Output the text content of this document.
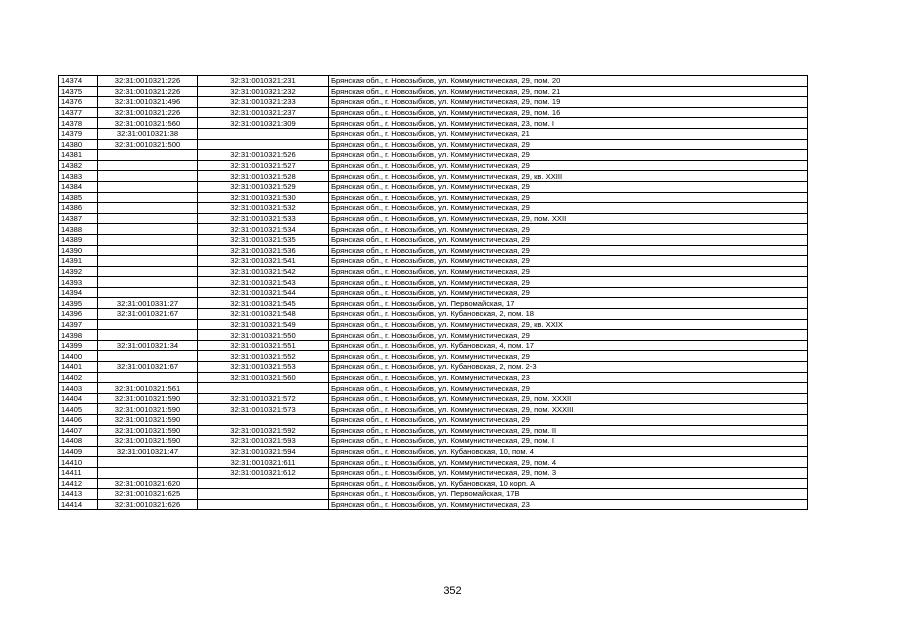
14374	32:31:0010321:226	32:31:0010321:231	Брянская обл., г. Новозыбков, ул. Коммунистическая, 29, пом. 20
14375	32:31:0010321:226	32:31:0010321:232	Брянская обл., г. Новозыбков, ул. Коммунистическая, 29, пом. 21
14376	32:31:0010321:496	32:31:0010321:233	Брянская обл., г. Новозыбков, ул. Коммунистическая, 29, пом. 19
14377	32:31:0010321:226	32:31:0010321:237	Брянская обл., г. Новозыбков, ул. Коммунистическая, 29, пом. 16
14378	32:31:0010321:560	32:31:0010321:309	Брянская обл., г. Новозыбков, ул. Коммунистическая, 23, пом. I
14379	32:31:0010321:38		Брянская обл., г. Новозыбков, ул. Коммунистическая, 21
14380	32:31:0010321:500		Брянская обл., г. Новозыбков, ул. Коммунистическая, 29
14381		32:31:0010321:526	Брянская обл., г. Новозыбков, ул. Коммунистическая, 29
14382		32:31:0010321:527	Брянская обл., г. Новозыбков, ул. Коммунистическая, 29
14383		32:31:0010321:528	Брянская обл., г. Новозыбков, ул. Коммунистическая, 29, кв. XXIII
14384		32:31:0010321:529	Брянская обл., г. Новозыбков, ул. Коммунистическая, 29
14385		32:31:0010321:530	Брянская обл., г. Новозыбков, ул. Коммунистическая, 29
14386		32:31:0010321:532	Брянская обл., г. Новозыбков, ул. Коммунистическая, 29
14387		32:31:0010321:533	Брянская обл., г. Новозыбков, ул. Коммунистическая, 29, пом. XXII
14388		32:31:0010321:534	Брянская обл., г. Новозыбков, ул. Коммунистическая, 29
14389		32:31:0010321:535	Брянская обл., г. Новозыбков, ул. Коммунистическая, 29
14390		32:31:0010321:536	Брянская обл., г. Новозыбков, ул. Коммунистическая, 29
14391		32:31:0010321:541	Брянская обл., г. Новозыбков, ул. Коммунистическая, 29
14392		32:31:0010321:542	Брянская обл., г. Новозыбков, ул. Коммунистическая, 29
14393		32:31:0010321:543	Брянская обл., г. Новозыбков, ул. Коммунистическая, 29
14394		32:31:0010321:544	Брянская обл., г. Новозыбков, ул. Коммунистическая, 29
14395	32:31:0010331:27	32:31:0010321:545	Брянская обл., г. Новозыбков, ул. Первомайская, 17
14396	32:31:0010321:67	32:31:0010321:548	Брянская обл., г. Новозыбков, ул. Кубановская, 2, пом. 18
14397		32:31:0010321:549	Брянская обл., г. Новозыбков, ул. Коммунистическая, 29, кв. XXIX
14398		32:31:0010321:550	Брянская обл., г. Новозыбков, ул. Коммунистическая, 29
14399	32:31:0010321:34	32:31:0010321:551	Брянская обл., г. Новозыбков, ул. Кубановская, 4, пом. 17
14400		32:31:0010321:552	Брянская обл., г. Новозыбков, ул. Коммунистическая, 29
14401	32:31:0010321:67	32:31:0010321:553	Брянская обл., г. Новозыбков, ул. Кубановская, 2, пом. 2-3
14402		32:31:0010321:560	Брянская обл., г. Новозыбков, ул. Коммунистическая, 23
14403	32:31:0010321:561		Брянская обл., г. Новозыбков, ул. Коммунистическая, 29
14404	32:31:0010321:590	32:31:0010321:572	Брянская обл., г. Новозыбков, ул. Коммунистическая, 29, пом. XXXII
14405	32:31:0010321:590	32:31:0010321:573	Брянская обл., г. Новозыбков, ул. Коммунистическая, 29, пом. XXXIII
14406	32:31:0010321:590		Брянская обл., г. Новозыбков, ул. Коммунистическая, 29
14407	32:31:0010321:590	32:31:0010321:592	Брянская обл., г. Новозыбков, ул. Коммунистическая, 29, пом. II
14408	32:31:0010321:590	32:31:0010321:593	Брянская обл., г. Новозыбков, ул. Коммунистическая, 29, пом. I
14409	32:31:0010321:47	32:31:0010321:594	Брянская обл., г. Новозыбков, ул. Кубановская, 10, пом. 4
14410		32:31:0010321:611	Брянская обл., г. Новозыбков, ул. Коммунистическая, 29, пом. 4
14411		32:31:0010321:612	Брянская обл., г. Новозыбков, ул. Коммунистическая, 29, пом. 3
14412	32:31:0010321:620		Брянская обл., г. Новозыбков, ул. Кубановская, 10 корп. А
14413	32:31:0010321:625		Брянская обл., г. Новозыбков, ул. Первомайская, 17В
14414	32:31:0010321:626		Брянская обл., г. Новозыбков, ул. Коммунистическая, 23
352
